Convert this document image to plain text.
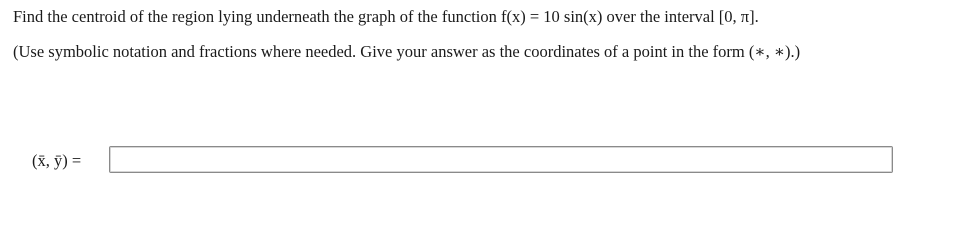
Find the centroid of the region lying underneath the graph of the function f(x) = 10 sin(x) over the interval [0, π].
(Use symbolic notation and fractions where needed. Give your answer as the coordinates of a point in the form (∗, ∗).)
(x̄, ȳ) =
